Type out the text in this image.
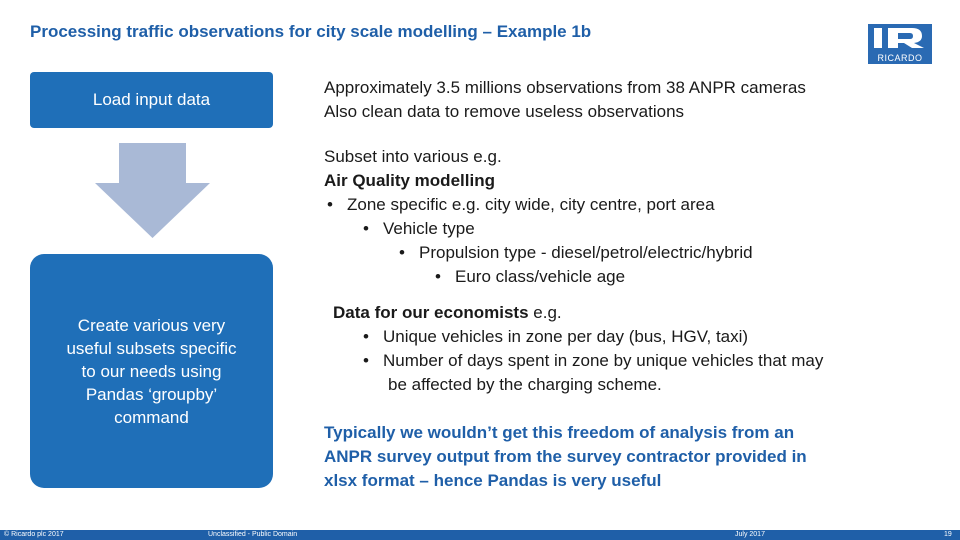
Processing traffic observations for city scale modelling – Example 1b
RICARDO
Load input data
Create various very
useful subsets specific
to our needs using
Pandas ‘groupby’
command
Approximately 3.5 millions observations from 38 ANPR cameras
Also clean data to remove useless observations
Subset into various e.g.
Air Quality modelling
• Zone specific e.g. city wide, city centre, port area
• Vehicle type
• Propulsion type - diesel/petrol/electric/hybrid
• Euro class/vehicle age
Data for our economists e.g.
• Unique vehicles in zone per day (bus, HGV, taxi)
• Number of days spent in zone by unique vehicles that may
be affected by the charging scheme.
Typically we wouldn’t get this freedom of analysis from an
ANPR survey output from the survey contractor provided in
xlsx format – hence Pandas is very useful
© Ricardo plc 2017	Unclassified - Public Domain	July 2017	19
